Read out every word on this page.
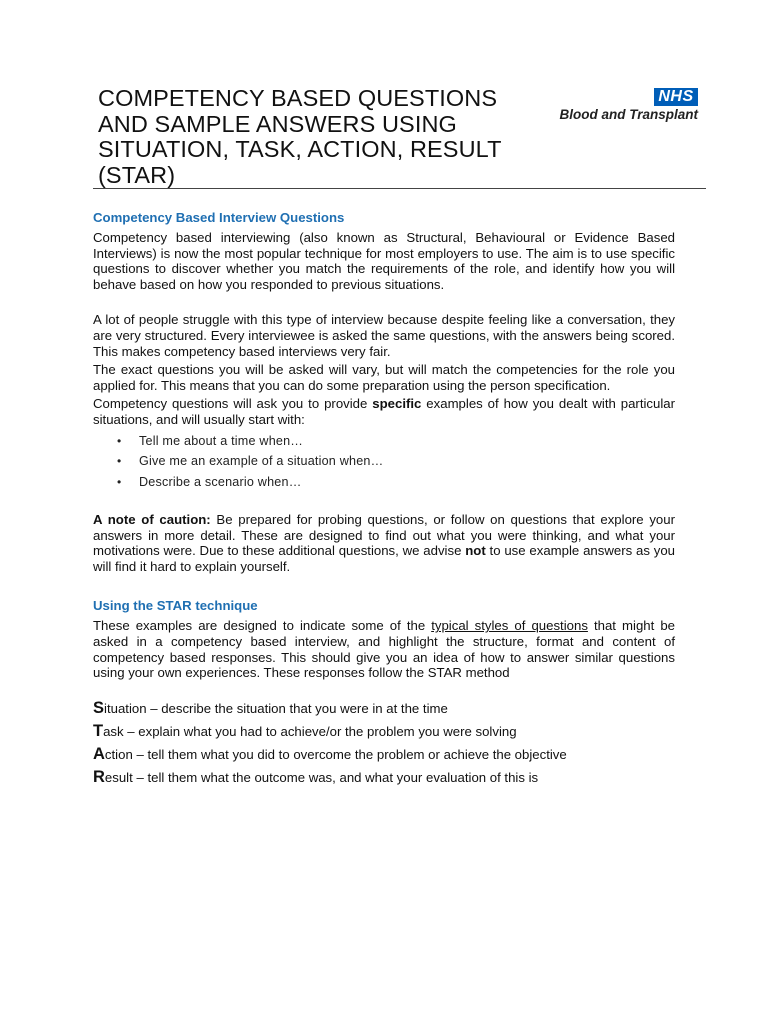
COMPETENCY BASED QUESTIONS
AND SAMPLE ANSWERS USING
SITUATION, TASK, ACTION, RESULT
(STAR)
NHS
Blood and Transplant
Competency Based Interview Questions

Competency based interviewing (also known as Structural, Behavioural or Evidence Based Interviews) is now the most popular technique for most employers to use. The aim is to use specific questions to discover whether you match the requirements of the role, and identify how you will behave based on how you responded to previous situations.

A lot of people struggle with this type of interview because despite feeling like a conversation, they are very structured. Every interviewee is asked the same questions, with the answers being scored. This makes competency based interviews very fair.

The exact questions you will be asked will vary, but will match the competencies for the role you applied for. This means that you can do some preparation using the person specification.

Competency questions will ask you to provide specific examples of how you dealt with particular situations, and will usually start with:

• Tell me about a time when…
• Give me an example of a situation when…
• Describe a scenario when…

A note of caution: Be prepared for probing questions, or follow on questions that explore your answers in more detail. These are designed to find out what you were thinking, and what your motivations were. Due to these additional questions, we advise not to use example answers as you will find it hard to explain yourself.

Using the STAR technique

These examples are designed to indicate some of the typical styles of questions that might be asked in a competency based interview, and highlight the structure, format and content of competency based responses. This should give you an idea of how to answer similar questions using your own experiences. These responses follow the STAR method

Situation – describe the situation that you were in at the time
Task – explain what you had to achieve/or the problem you were solving
Action – tell them what you did to overcome the problem or achieve the objective
Result – tell them what the outcome was, and what your evaluation of this is
